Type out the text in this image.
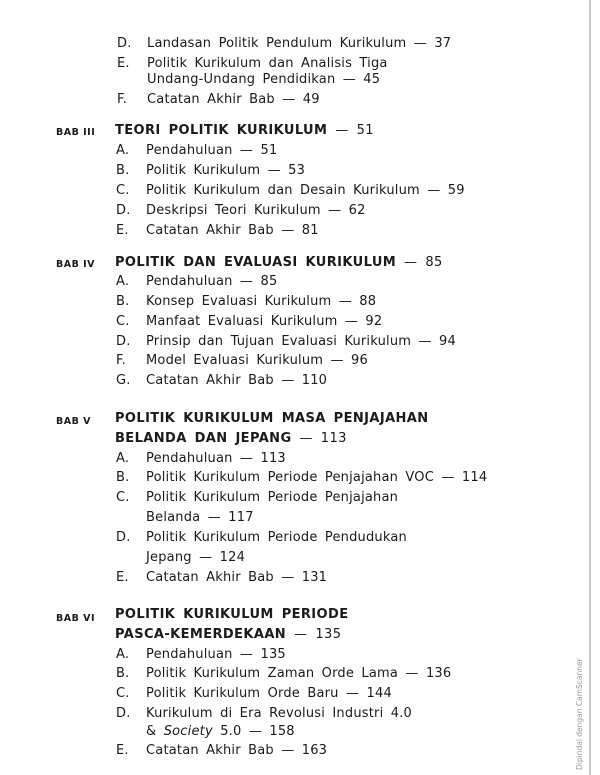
D.	Landasan Politik Pendulum Kurikulum — 37
E.	Politik Kurikulum dan Analisis Tiga
Undang-Undang Pendidikan — 45
F.	Catatan Akhir Bab — 49
BAB III TEORI POLITIK KURIKULUM — 51
A.	Pendahuluan — 51
B.	Politik Kurikulum — 53
C.	Politik Kurikulum dan Desain Kurikulum — 59
D.	Deskripsi Teori Kurikulum — 62
E.	Catatan Akhir Bab — 81
BAB IV POLITIK DAN EVALUASI KURIKULUM — 85
A.	Pendahuluan — 85
B.	Konsep Evaluasi Kurikulum — 88
C.	Manfaat Evaluasi Kurikulum — 92
D.	Prinsip dan Tujuan Evaluasi Kurikulum — 94
F.	Model Evaluasi Kurikulum — 96
G.	Catatan Akhir Bab — 110
BAB V POLITIK KURIKULUM MASA PENJAJAHAN
BELANDA DAN JEPANG — 113
A.	Pendahuluan — 113
B.	Politik Kurikulum Periode Penjajahan VOC — 114
C.	Politik Kurikulum Periode Penjajahan
Belanda — 117
D.	Politik Kurikulum Periode Pendudukan
Jepang — 124
E.	Catatan Akhir Bab — 131
BAB VI POLITIK KURIKULUM PERIODE
PASCA-KEMERDEKAAN — 135
A.	Pendahuluan — 135
B.	Politik Kurikulum Zaman Orde Lama — 136
C.	Politik Kurikulum Orde Baru — 144
D.	Kurikulum di Era Revolusi Industri 4.0
& Society 5.0 — 158
E.	Catatan Akhir Bab — 163	Dipindai dengan CamScanner
